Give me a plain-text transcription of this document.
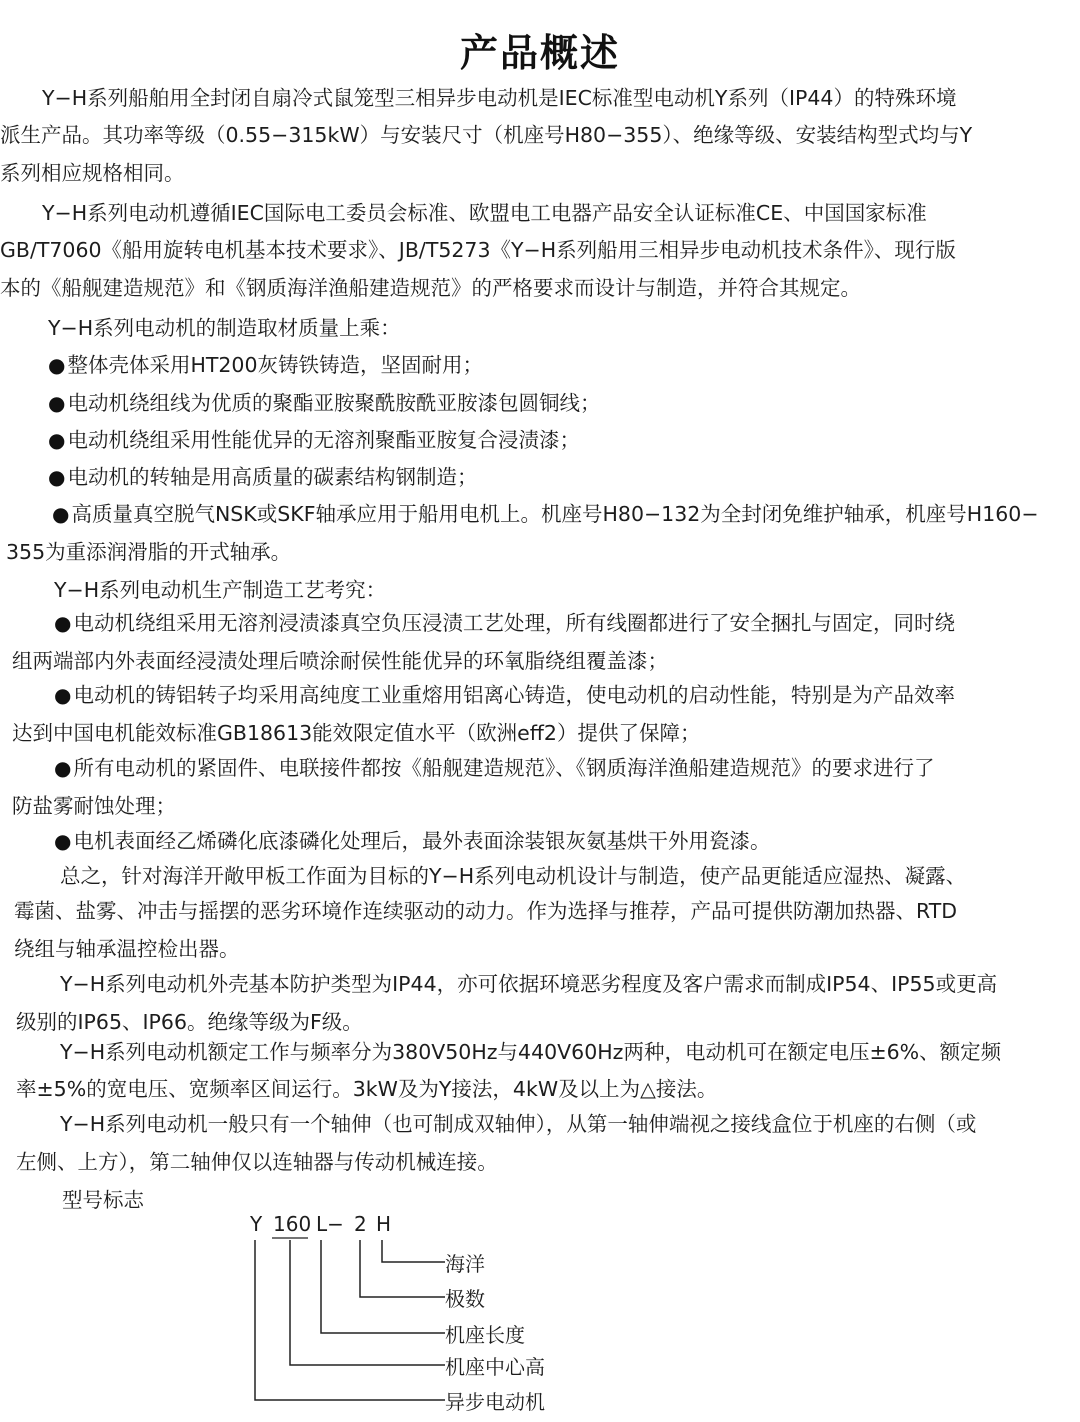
产品概述
Y−H系列船舶用全封闭自扇冷式鼠笼型三相异步电动机是IEC标准型电动机Y系列（IP44）的特殊环境
派生产品。其功率等级（0.55−315kW）与安装尺寸（机座号H80−355）、绝缘等级、安装结构型式均与Y
系列相应规格相同。
Y−H系列电动机遵循IEC国际电工委员会标准、欧盟电工电器产品安全认证标准CE、中国国家标准
GB/T7060《船用旋转电机基本技术要求》、JB/T5273《Y−H系列船用三相异步电动机技术条件》、现行版
本的《船舰建造规范》和《钢质海洋渔船建造规范》的严格要求而设计与制造，并符合其规定。
Y−H系列电动机的制造取材质量上乘：
● 整体壳体采用HT200灰铸铁铸造，坚固耐用；
● 电动机绕组线为优质的聚酯亚胺聚酰胺酰亚胺漆包圆铜线；
● 电动机绕组采用性能优异的无溶剂聚酯亚胺复合浸渍漆；
● 电动机的转轴是用高质量的碳素结构钢制造；
● 高质量真空脱气NSK或SKF轴承应用于船用电机上。机座号H80−132为全封闭免维护轴承，机座号H160−
355为重添润滑脂的开式轴承。
Y−H系列电动机生产制造工艺考究：
● 电动机绕组采用无溶剂浸渍漆真空负压浸渍工艺处理，所有线圈都进行了安全捆扎与固定，同时绕
组两端部内外表面经浸渍处理后喷涂耐侯性能优异的环氧脂绕组覆盖漆；
● 电动机的铸铝转子均采用高纯度工业重熔用铝离心铸造，使电动机的启动性能，特别是为产品效率
达到中国电机能效标准GB18613能效限定值水平（欧洲eff2）提供了保障；
● 所有电动机的紧固件、电联接件都按《船舰建造规范》、《钢质海洋渔船建造规范》的要求进行了
防盐雾耐蚀处理；
● 电机表面经乙烯磷化底漆磷化处理后，最外表面涂装银灰氨基烘干外用瓷漆。
总之，针对海洋开敞甲板工作面为目标的Y−H系列电动机设计与制造，使产品更能适应湿热、凝露、
霉菌、盐雾、冲击与摇摆的恶劣环境作连续驱动的动力。作为选择与推荐，产品可提供防潮加热器、RTD
绕组与轴承温控检出器。
Y−H系列电动机外壳基本防护类型为IP44，亦可依据环境恶劣程度及客户需求而制成IP54、IP55或更高
级别的IP65、IP66。绝缘等级为F级。
Y−H系列电动机额定工作与频率分为380V50Hz与440V60Hz两种，电动机可在额定电压±6%、额定频
率±5%的宽电压、宽频率区间运行。3kW及为Y接法，4kW及以上为△接法。
Y−H系列电动机一般只有一个轴伸（也可制成双轴伸），从第一轴伸端视之接线盒位于机座的右侧（或
左侧、上方），第二轴伸仅以连轴器与传动机械连接。
型号标志
Y 160 L− 2 H
海洋
极数
机座长度
机座中心高
异步电动机
